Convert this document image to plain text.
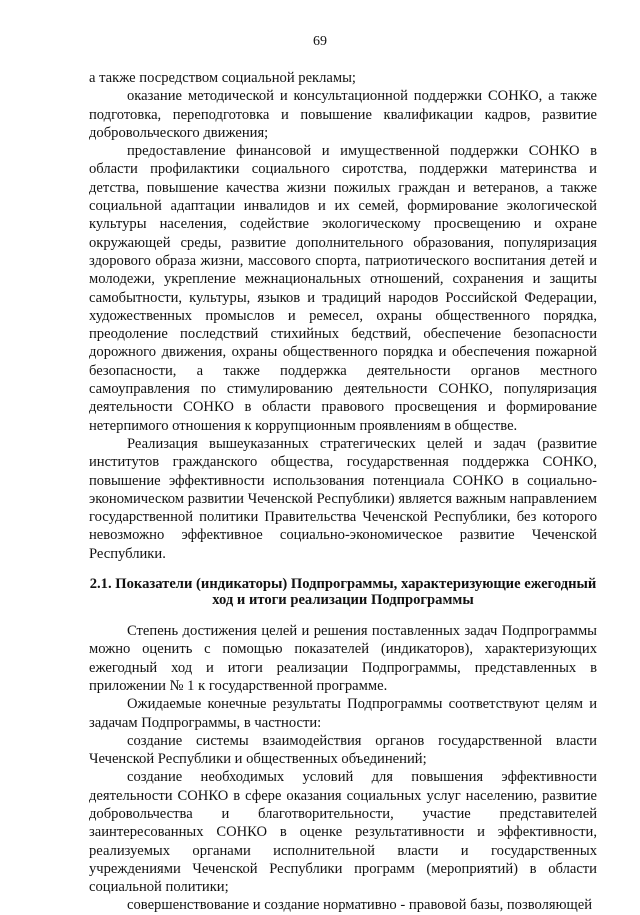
69

а также посредством социальной рекламы;

оказание методической и консультационной поддержки СОНКО, а также подготовка, переподготовка и повышение квалификации кадров, развитие добровольческого движения;

предоставление финансовой и имущественной поддержки СОНКО в области профилактики социального сиротства, поддержки материнства и детства, повышение качества жизни пожилых граждан и ветеранов, а также социальной адаптации инвалидов и их семей, формирование экологической культуры населения, содействие экологическому просвещению и охране окружающей среды, развитие дополнительного образования, популяризация здорового образа жизни, массового спорта, патриотического воспитания детей и молодежи, укрепление межнациональных отношений, сохранения и защиты самобытности, культуры, языков и традиций народов Российской Федерации, художественных промыслов и ремесел, охраны общественного порядка, преодоление последствий стихийных бедствий, обеспечение безопасности дорожного движения, охраны общественного порядка и обеспечения пожарной безопасности, а также поддержка деятельности органов местного самоуправления по стимулированию деятельности СОНКО, популяризация деятельности СОНКО в области правового просвещения и формирование нетерпимого отношения к коррупционным проявлениям в обществе.

Реализация вышеуказанных стратегических целей и задач (развитие институтов гражданского общества, государственная поддержка СОНКО, повышение эффективности использования потенциала СОНКО в социально-экономическом развитии Чеченской Республики) является важным направлением государственной политики Правительства Чеченской Республики, без которого невозможно эффективное социально-экономическое развитие Чеченской Республики.

2.1. Показатели (индикаторы) Подпрограммы, характеризующие ежегодный ход и итоги реализации Подпрограммы

Степень достижения целей и решения поставленных задач Подпрограммы можно оценить с помощью показателей (индикаторов), характеризующих ежегодный ход и итоги реализации Подпрограммы, представленных в приложении № 1 к государственной программе.

Ожидаемые конечные результаты Подпрограммы соответствуют целям и задачам Подпрограммы, в частности:

создание системы взаимодействия органов государственной власти Чеченской Республики и общественных объединений;

создание необходимых условий для повышения эффективности деятельности СОНКО в сфере оказания социальных услуг населению, развитие добровольчества и благотворительности, участие представителей заинтересованных СОНКО в оценке результативности и эффективности, реализуемых органами исполнительной власти и государственных учреждениями Чеченской Республики программ (мероприятий) в области социальной политики;

совершенствование и создание нормативно - правовой базы, позволяющей
